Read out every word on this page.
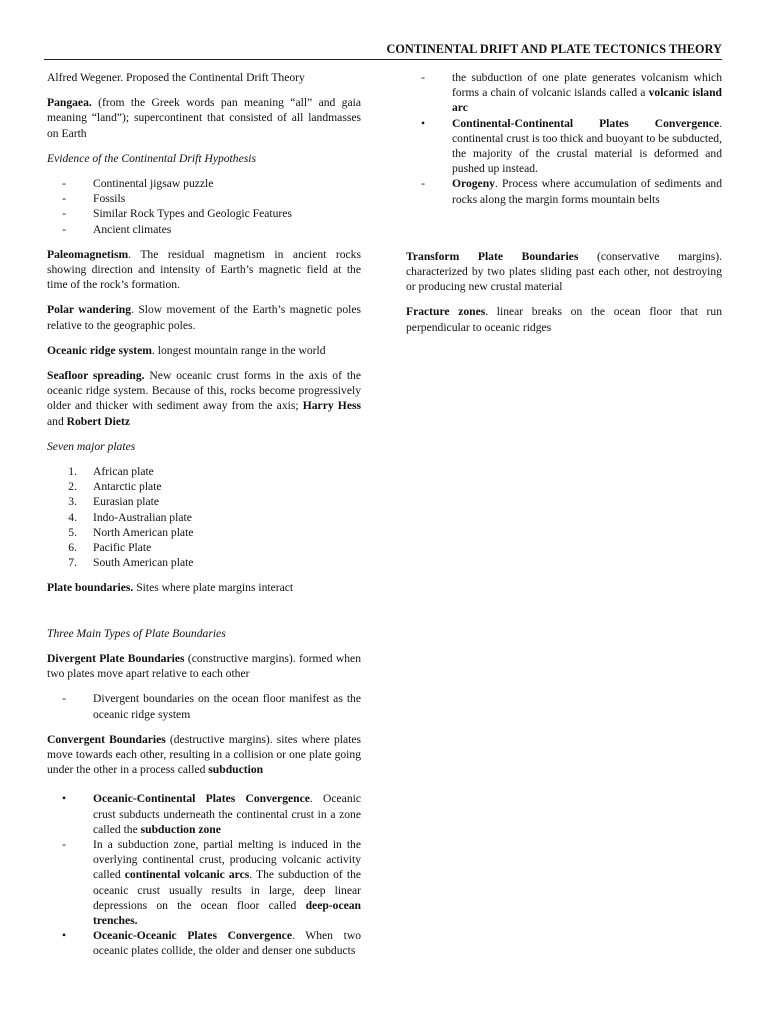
CONTINENTAL DRIFT AND PLATE TECTONICS THEORY

Alfred Wegener. Proposed the Continental Drift Theory

Pangaea. (from the Greek words pan meaning “all” and gaia meaning “land”); supercontinent that consisted of all landmasses on Earth

Evidence of the Continental Drift Hypothesis
-	Continental jigsaw puzzle
-	Fossils
-	Similar Rock Types and Geologic Features
-	Ancient climates

Paleomagnetism. The residual magnetism in ancient rocks showing direction and intensity of Earth’s magnetic field at the time of the rock’s formation.

Polar wandering. Slow movement of the Earth’s magnetic poles relative to the geographic poles.

Oceanic ridge system. longest mountain range in the world

Seafloor spreading. New oceanic crust forms in the axis of the oceanic ridge system. Because of this, rocks become progressively older and thicker with sediment away from the axis; Harry Hess and Robert Dietz

Seven major plates
1. African plate
2. Antarctic plate
3. Eurasian plate
4. Indo-Australian plate
5. North American plate
6. Pacific Plate
7. South American plate

Plate boundaries. Sites where plate margins interact

Three Main Types of Plate Boundaries

Divergent Plate Boundaries (constructive margins). formed when two plates move apart relative to each other

-	Divergent boundaries on the ocean floor manifest as the oceanic ridge system

Convergent Boundaries (destructive margins). sites where plates move towards each other, resulting in a collision or one plate going under the other in a process called subduction

•	Oceanic-Continental Plates Convergence. Oceanic crust subducts underneath the continental crust in a zone called the subduction zone
-	In a subduction zone, partial melting is induced in the overlying continental crust, producing volcanic activity called continental volcanic arcs. The subduction of the oceanic crust usually results in large, deep linear depressions on the ocean floor called deep-ocean trenches.
•	Oceanic-Oceanic Plates Convergence. When two oceanic plates collide, the older and denser one subducts
-	the subduction of one plate generates volcanism which forms a chain of volcanic islands called a volcanic island arc
•	Continental-Continental Plates Convergence. continental crust is too thick and buoyant to be subducted, the majority of the crustal material is deformed and pushed up instead.
-	Orogeny. Process where accumulation of sediments and rocks along the margin forms mountain belts

Transform Plate Boundaries (conservative margins). characterized by two plates sliding past each other, not destroying or producing new crustal material

Fracture zones. linear breaks on the ocean floor that run perpendicular to oceanic ridges
